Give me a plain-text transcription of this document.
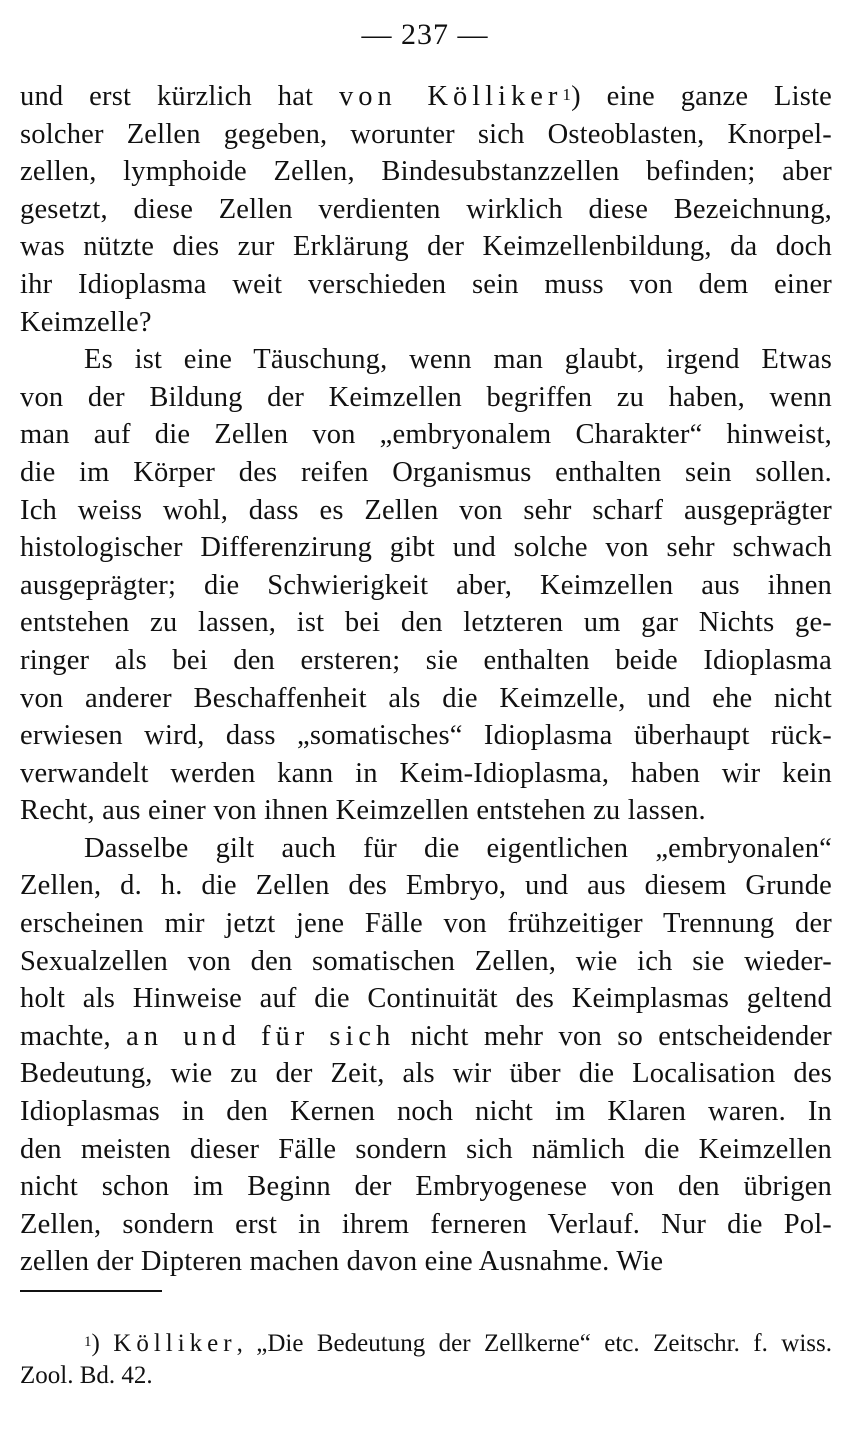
— 237 —
und erst kürzlich hat von Kölliker$^1$) eine ganze Liste
solcher Zellen gegeben, worunter sich Osteoblasten, Knorpel-
zellen, lymphoide Zellen, Bindesubstanzzellen befinden; aber
gesetzt, diese Zellen verdienten wirklich diese Bezeichnung,
was nützte dies zur Erklärung der Keimzellenbildung, da doch
ihr Idioplasma weit verschieden sein muss von dem einer
Keimzelle?
Es ist eine Täuschung, wenn man glaubt, irgend Etwas
von der Bildung der Keimzellen begriffen zu haben, wenn
man auf die Zellen von „embryonalem Charakter“ hinweist,
die im Körper des reifen Organismus enthalten sein sollen.
Ich weiss wohl, dass es Zellen von sehr scharf ausgeprägter
histologischer Differenzirung gibt und solche von sehr schwach
ausgeprägter; die Schwierigkeit aber, Keimzellen aus ihnen
entstehen zu lassen, ist bei den letzteren um gar Nichts ge-
ringer als bei den ersteren; sie enthalten beide Idioplasma
von anderer Beschaffenheit als die Keimzelle, und ehe nicht
erwiesen wird, dass „somatisches“ Idioplasma überhaupt rück-
verwandelt werden kann in Keim-Idioplasma, haben wir kein
Recht, aus einer von ihnen Keimzellen entstehen zu lassen.
Dasselbe gilt auch für die eigentlichen „embryonalen“
Zellen, d. h. die Zellen des Embryo, und aus diesem Grunde
erscheinen mir jetzt jene Fälle von frühzeitiger Trennung der
Sexualzellen von den somatischen Zellen, wie ich sie wieder-
holt als Hinweise auf die Continuität des Keimplasmas geltend
machte, an und für sich nicht mehr von so entscheidender
Bedeutung, wie zu der Zeit, als wir über die Localisation des
Idioplasmas in den Kernen noch nicht im Klaren waren. In
den meisten dieser Fälle sondern sich nämlich die Keimzellen
nicht schon im Beginn der Embryogenese von den übrigen
Zellen, sondern erst in ihrem ferneren Verlauf. Nur die Pol-
zellen der Dipteren machen davon eine Ausnahme. Wie
$^1$) Kölliker, „Die Bedeutung der Zellkerne“ etc. Zeitschr. f. wiss.
Zool. Bd. 42.
